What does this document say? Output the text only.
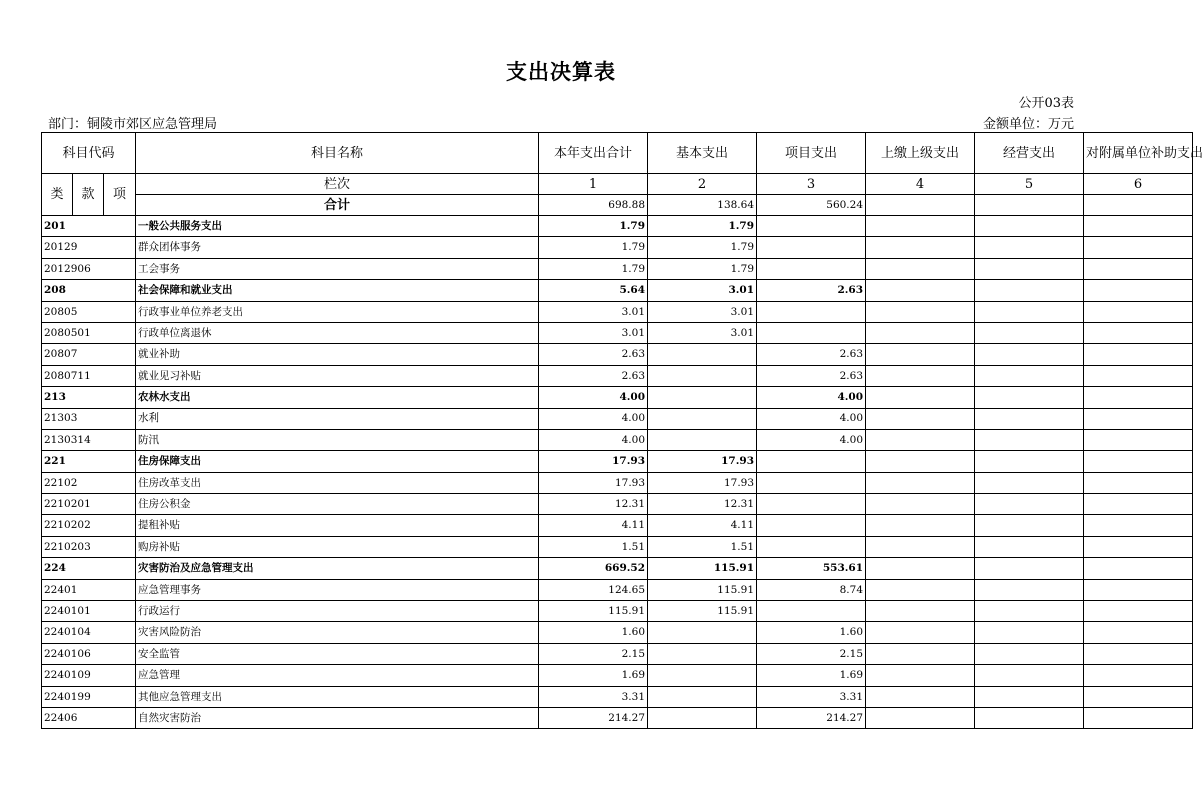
支出决算表
公开03表
部门：铜陵市郊区应急管理局	金额单位：万元
科目代码			科目名称	本年支出合计	基本支出	项目支出	上缴上级支出	经营支出	对附属单位补助支出
类	款	项	栏次	1	2	3	4	5	6
			合计	698.88	138.64	560.24			
201			一般公共服务支出	1.79	1.79				
20129			群众团体事务	1.79	1.79				
2012906			工会事务	1.79	1.79				
208			社会保障和就业支出	5.64	3.01	2.63			
20805			行政事业单位养老支出	3.01	3.01				
2080501			行政单位离退休	3.01	3.01				
20807			就业补助	2.63		2.63			
2080711			就业见习补贴	2.63		2.63			
213			农林水支出	4.00		4.00			
21303			水利	4.00		4.00			
2130314			防汛	4.00		4.00			
221			住房保障支出	17.93	17.93				
22102			住房改革支出	17.93	17.93				
2210201			住房公积金	12.31	12.31				
2210202			提租补贴	4.11	4.11				
2210203			购房补贴	1.51	1.51				
224			灾害防治及应急管理支出	669.52	115.91	553.61			
22401			应急管理事务	124.65	115.91	8.74			
2240101			行政运行	115.91	115.91				
2240104			灾害风险防治	1.60		1.60			
2240106			安全监管	2.15		2.15			
2240109			应急管理	1.69		1.69			
2240199			其他应急管理支出	3.31		3.31			
22406			自然灾害防治	214.27		214.27			
